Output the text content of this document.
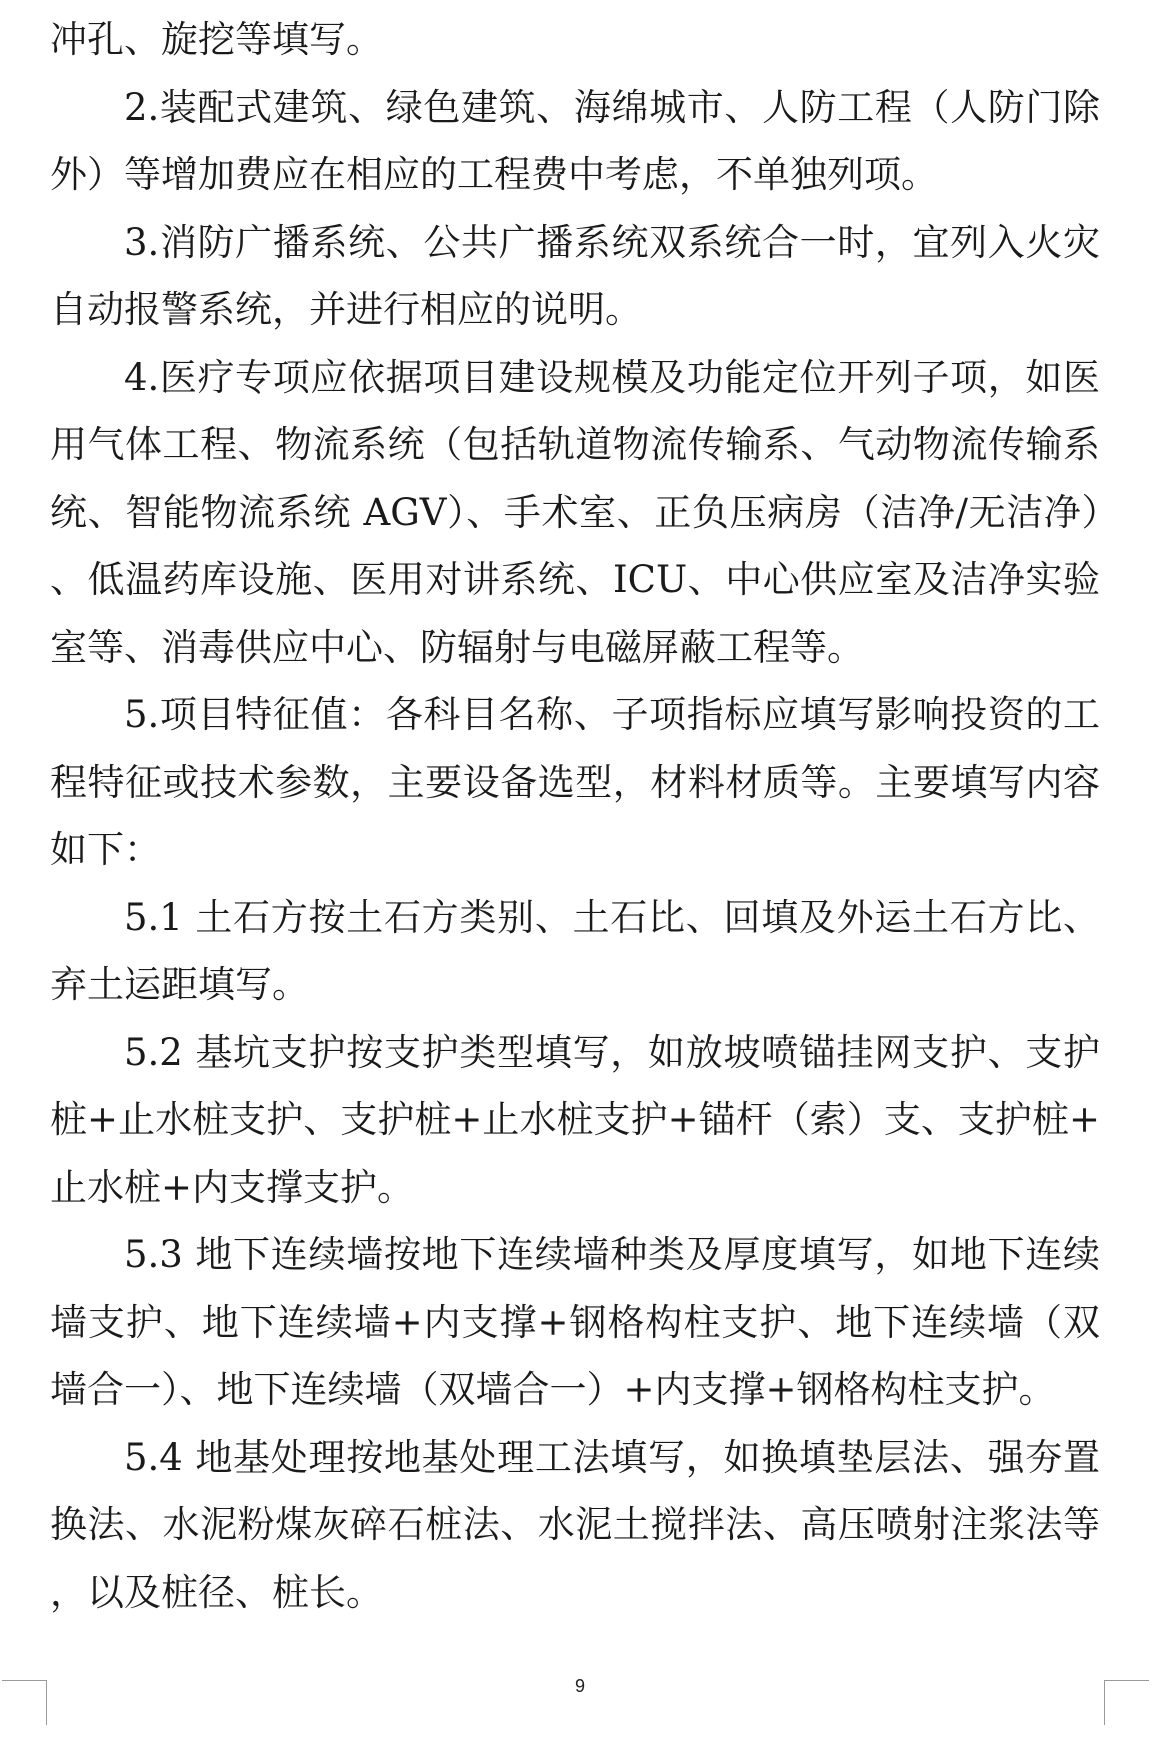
冲孔、旋挖等填写。

2.装配式建筑、绿色建筑、海绵城市、人防工程（人防门除外）等增加费应在相应的工程费中考虑，不单独列项。

3.消防广播系统、公共广播系统双系统合一时，宜列入火灾自动报警系统，并进行相应的说明。

4.医疗专项应依据项目建设规模及功能定位开列子项，如医用气体工程、物流系统（包括轨道物流传输系、气动物流传输系统、智能物流系统 AGV）、手术室、正负压病房（洁净/无洁净）、低温药库设施、医用对讲系统、ICU、中心供应室及洁净实验室等、消毒供应中心、防辐射与电磁屏蔽工程等。

5.项目特征值：各科目名称、子项指标应填写影响投资的工程特征或技术参数，主要设备选型，材料材质等。主要填写内容如下：

5.1 土石方按土石方类别、土石比、回填及外运土石方比、弃土运距填写。

5.2 基坑支护按支护类型填写，如放坡喷锚挂网支护、支护桩+止水桩支护、支护桩+止水桩支护+锚杆（索）支、支护桩+止水桩+内支撑支护。

5.3 地下连续墙按地下连续墙种类及厚度填写，如地下连续墙支护、地下连续墙+内支撑+钢格构柱支护、地下连续墙（双墙合一）、地下连续墙（双墙合一）+内支撑+钢格构柱支护。

5.4 地基处理按地基处理工法填写，如换填垫层法、强夯置换法、水泥粉煤灰碎石桩法、水泥土搅拌法、高压喷射注浆法等，以及桩径、桩长。

9
